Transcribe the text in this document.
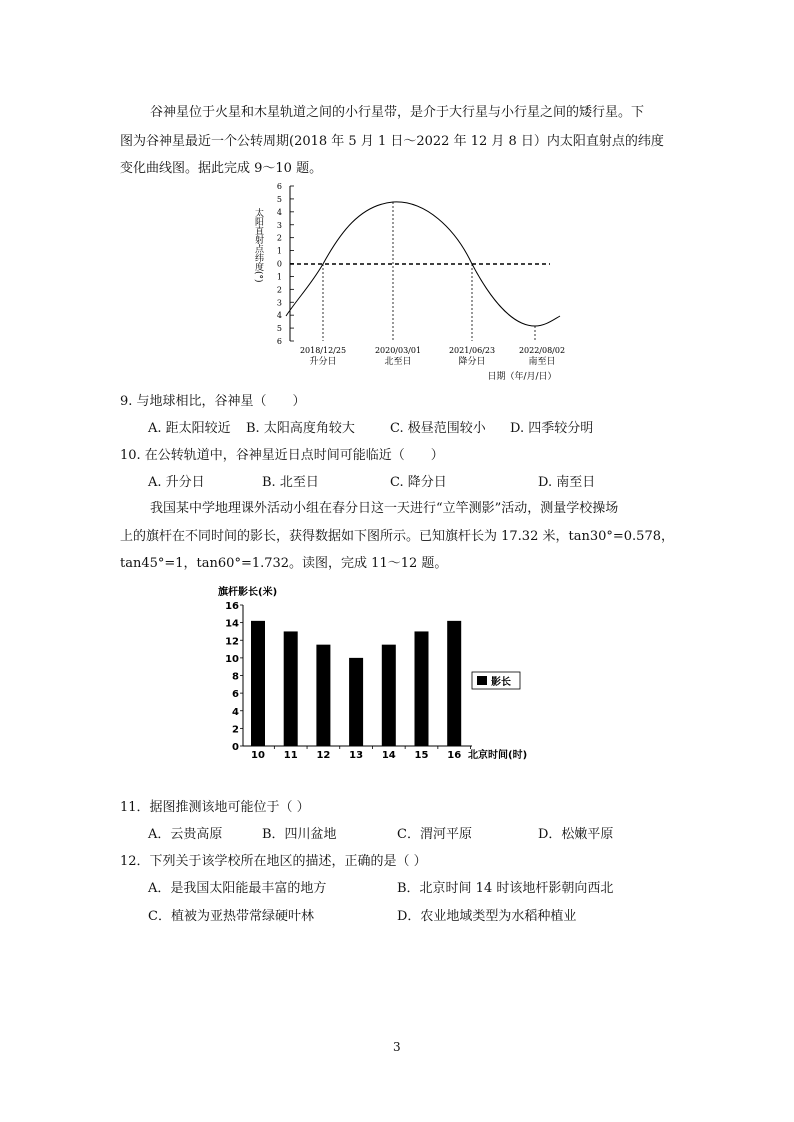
谷神星位于火星和木星轨道之间的小行星带，是介于大行星与小行星之间的矮行星。下
图为谷神星最近一个公转周期(2018 年 5 月 1 日～2022 年 12 月 8 日）内太阳直射点的纬度
变化曲线图。据此完成 9～10 题。
6
5
4
3
2
1
0
1
2
3
4
5
6
太阳直射点纬度(°)
2018/12/25
升分日
2020/03/01
北至日
2021/06/23
降分日
2022/08/02
南至日
日期（年/月/日）
9. 与地球相比，谷神星（　　）
A. 距太阳较近 B. 太阳高度角较大	C. 极昼范围较小 D. 四季较分明
10. 在公转轨道中，谷神星近日点时间可能临近（　　）
A. 升分日	B. 北至日	C. 降分日	D. 南至日
我国某中学地理课外活动小组在春分日这一天进行“立竿测影”活动，测量学校操场
上的旗杆在不同时间的影长，获得数据如下图所示。已知旗杆长为 17.32 米，tan30°=0.578，
tan45°=1，tan60°=1.732。读图，完成 11～12 题。
旗杆影长(米)
0
2
4
6
8
10
12
14
16
10 11 12 13 14 15 16 北京时间(时)
影长
11．据图推测该地可能位于（ ）
A．云贵高原	B．四川盆地	C．渭河平原	D．松嫩平原
12．下列关于该学校所在地区的描述，正确的是（ ）
A．是我国太阳能最丰富的地方	B．北京时间 14 时该地杆影朝向西北
C．植被为亚热带常绿硬叶林	D．农业地域类型为水稻种植业
3
